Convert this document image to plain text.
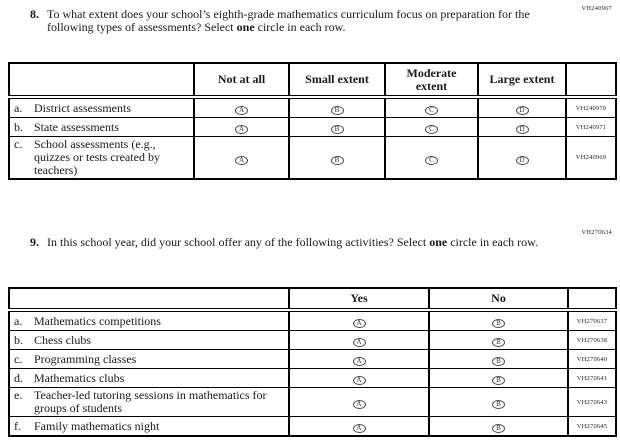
VH240967
8. To what extent does your school’s eighth-grade mathematics curriculum focus on preparation for the following types of assessments? Select one circle in each row.
	Not at all	Small extent	Moderate extent	Large extent	

a. District assessments	A	B	C	D	VH240970

b. State assessments	A	B	C	D	VH240971

c. School assessments (e.g., quizzes or tests created by teachers)	A	B	C	D	VH240969
VH270634
9. In this school year, did your school offer any of the following activities? Select one circle in each row.
	Yes	No	

a. Mathematics competitions	A	B	VH270637

b. Chess clubs	A	B	VH270638

c. Programming classes	A	B	VH270640

d. Mathematics clubs	A	B	VH270641

e. Teacher-led tutoring sessions in mathematics for groups of students	A	B	VH270643

f. Family mathematics night	A	B	VH270645
